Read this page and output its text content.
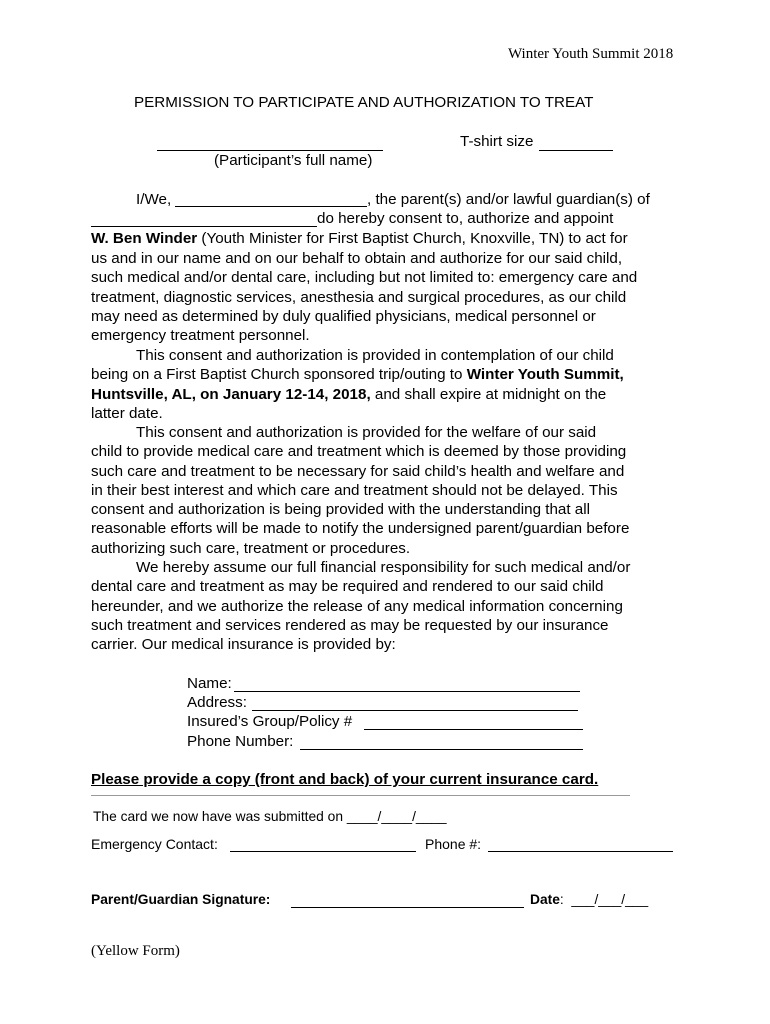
Winter Youth Summit 2018
PERMISSION TO PARTICIPATE AND AUTHORIZATION TO TREAT
T-shirt size
(Participant’s full name)
I/We,	, the parent(s) and/or lawful guardian(s) of
do hereby consent to, authorize and appoint
W. Ben Winder (Youth Minister for First Baptist Church, Knoxville, TN) to act for
us and in our name and on our behalf to obtain and authorize for our said child,
such medical and/or dental care, including but not limited to: emergency care and
treatment, diagnostic services, anesthesia and surgical procedures, as our child
may need as determined by duly qualified physicians, medical personnel or
emergency treatment personnel.
This consent and authorization is provided in contemplation of our child
being on a First Baptist Church sponsored trip/outing to Winter Youth Summit,
Huntsville, AL, on January 12-14, 2018, and shall expire at midnight on the
latter date.
This consent and authorization is provided for the welfare of our said
child to provide medical care and treatment which is deemed by those providing
such care and treatment to be necessary for said child’s health and welfare and
in their best interest and which care and treatment should not be delayed. This
consent and authorization is being provided with the understanding that all
reasonable efforts will be made to notify the undersigned parent/guardian before
authorizing such care, treatment or procedures.
We hereby assume our full financial responsibility for such medical and/or
dental care and treatment as may be required and rendered to our said child
hereunder, and we authorize the release of any medical information concerning
such treatment and services rendered as may be requested by our insurance
carrier. Our medical insurance is provided by:
Name:
Address:
Insured’s Group/Policy #
Phone Number:
Please provide a copy (front and back) of your current insurance card.
The card we now have was submitted on ____/____/____
Emergency Contact:	Phone #:
Parent/Guardian Signature:	Date: ___/___/___
(Yellow Form)
